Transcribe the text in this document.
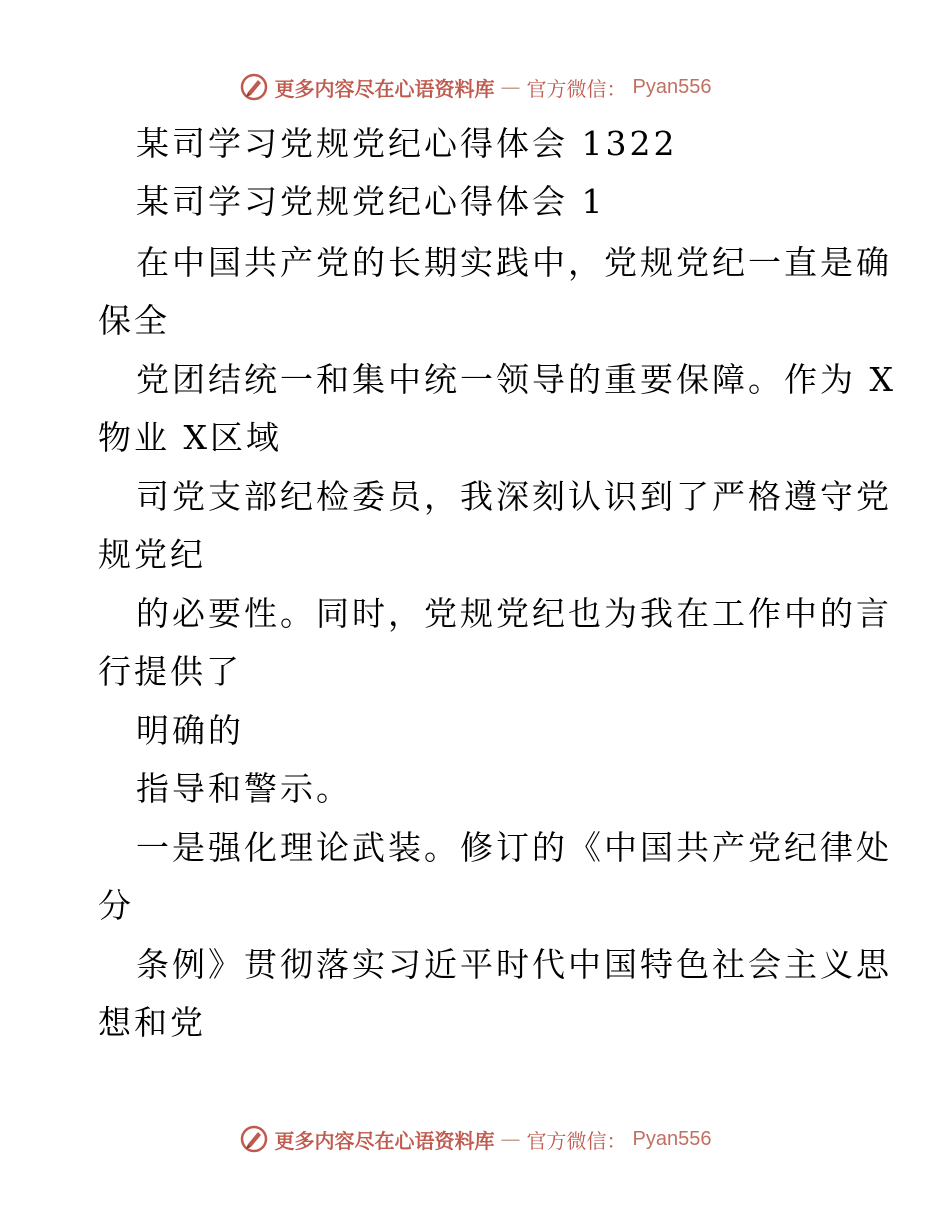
更多内容尽在心语资料库 — 官方微信： Pyan556
某司学习党规党纪心得体会 1322
某司学习党规党纪心得体会 1
在中国共产党的长期实践中，党规党纪一直是确
保全
党团结统一和集中统一领导的重要保障。作为 X
物业 X区域
司党支部纪检委员，我深刻认识到了严格遵守党
规党纪
的必要性。同时，党规党纪也为我在工作中的言
行提供了
明确的
指导和警示。
一是强化理论武装。修订的《中国共产党纪律处
分
条例》贯彻落实习近平时代中国特色社会主义思
想和党
更多内容尽在心语资料库 — 官方微信： Pyan556
